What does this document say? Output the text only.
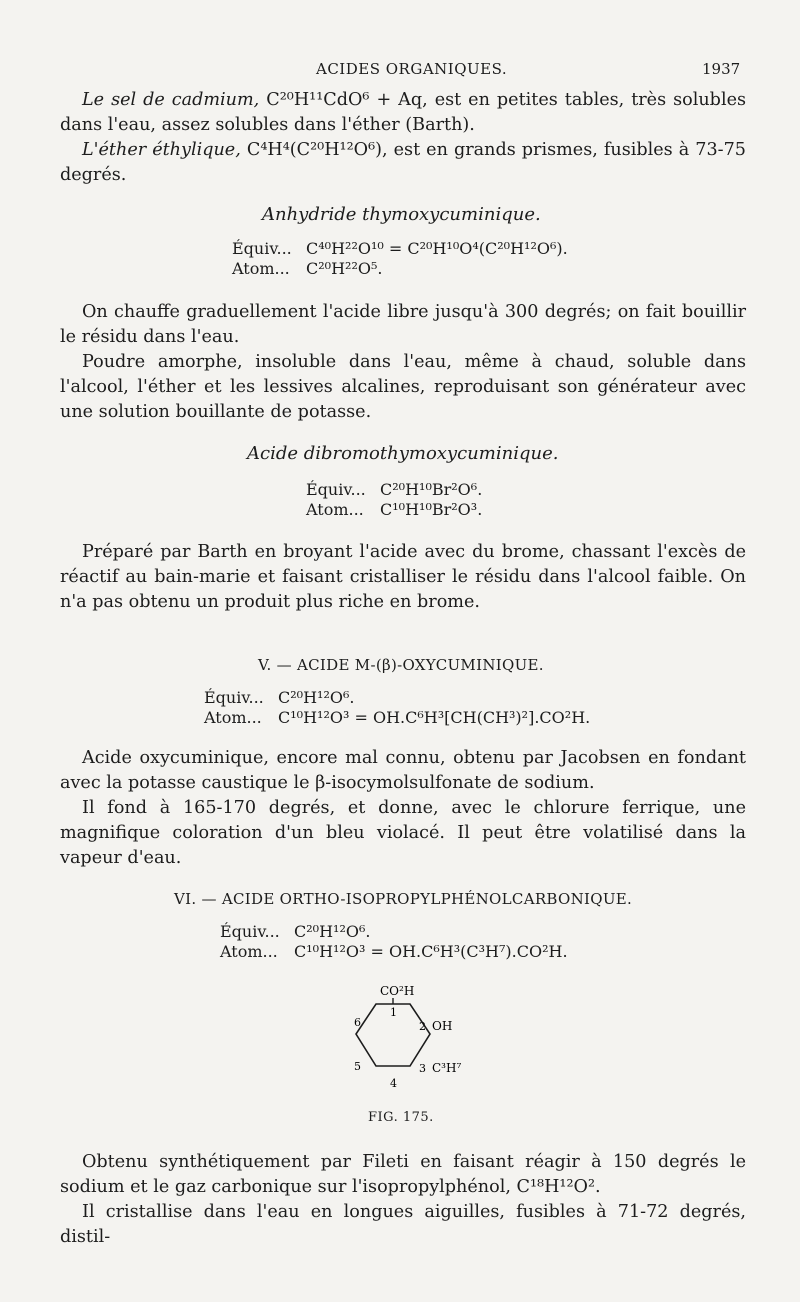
ACIDES ORGANIQUES.	1937

Le sel de cadmium, C²⁰H¹¹CdO⁶ + Aq, est en petites tables, très solubles dans l'eau, assez solubles dans l'éther (Barth).

L'éther éthylique, C⁴H⁴(C²⁰H¹²O⁶), est en grands prismes, fusibles à 73-75 degrés.

Anhydride thymoxycuminique.
Équiv... C⁴⁰H²²O¹⁰ = C²⁰H¹⁰O⁴(C²⁰H¹²O⁶).
Atom... C²⁰H²²O⁵.

On chauffe graduellement l'acide libre jusqu'à 300 degrés; on fait bouillir le résidu dans l'eau.

Poudre amorphe, insoluble dans l'eau, même à chaud, soluble dans l'alcool, l'éther et les lessives alcalines, reproduisant son générateur avec une solution bouillante de potasse.

Acide dibromothymoxycuminique.
Équiv... C²⁰H¹⁰Br²O⁶.
Atom... C¹⁰H¹⁰Br²O³.

Préparé par Barth en broyant l'acide avec du brome, chassant l'excès de réactif au bain-marie et faisant cristalliser le résidu dans l'alcool faible. On n'a pas obtenu un produit plus riche en brome.

V. — ACIDE M-(β)-OXYCUMINIQUE.
Équiv... C²⁰H¹²O⁶.
Atom... C¹⁰H¹²O³ = OH.C⁶H³[CH(CH³)²].CO²H.

Acide oxycuminique, encore mal connu, obtenu par Jacobsen en fondant avec la potasse caustique le β-isocymolsulfonate de sodium.

Il fond à 165-170 degrés, et donne, avec le chlorure ferrique, une magnifique coloration d'un bleu violacé. Il peut être volatilisé dans la vapeur d'eau.

VI. — ACIDE ORTHO-ISOPROPYLPHÉNOLCARBONIQUE.
Équiv... C²⁰H¹²O⁶.
Atom... C¹⁰H¹²O³ = OH.C⁶H³(C³H⁷).CO²H.
CO²H
OH
C³H⁷
1
2
3
4
5
6
FIG. 175.

Obtenu synthétiquement par Fileti en faisant réagir à 150 degrés le sodium et le gaz carbonique sur l'isopropylphénol, C¹⁸H¹²O².

Il cristallise dans l'eau en longues aiguilles, fusibles à 71-72 degrés, distil-
